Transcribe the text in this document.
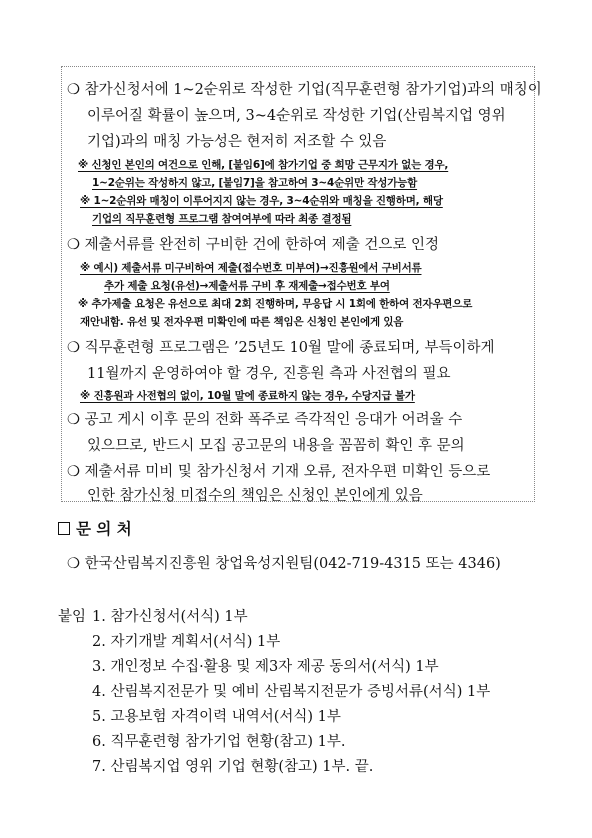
❍ 참가신청서에 1~2순위로 작성한 기업(직무훈련형 참가기업)과의 매칭이
이루어질 확률이 높으며, 3~4순위로 작성한 기업(산림복지업 영위
기업)과의 매칭 가능성은 현저히 저조할 수 있음
※ 신청인 본인의 여건으로 인해, [붙임6]에 참가기업 중 희망 근무지가 없는 경우,
1~2순위는 작성하지 않고, [붙임7]을 참고하여 3~4순위만 작성가능함
※ 1~2순위와 매칭이 이루어지지 않는 경우, 3~4순위와 매칭을 진행하며, 해당
기업의 직무훈련형 프로그램 참여여부에 따라 최종 결정됨
❍ 제출서류를 완전히 구비한 건에 한하여 제출 건으로 인정
※ 예시) 제출서류 미구비하여 제출(접수번호 미부여)→진흥원에서 구비서류
추가 제출 요청(유선)→제출서류 구비 후 재제출→접수번호 부여
※ 추가제출 요청은 유선으로 최대 2회 진행하며, 무응답 시 1회에 한하여 전자우편으로
재안내함. 유선 및 전자우편 미확인에 따른 책임은 신청인 본인에게 있음
❍ 직무훈련형 프로그램은 ’25년도 10월 말에 종료되며, 부득이하게
11월까지 운영하여야 할 경우, 진흥원 측과 사전협의 필요
※ 진흥원과 사전협의 없이, 10월 말에 종료하지 않는 경우, 수당지급 불가
❍ 공고 게시 이후 문의 전화 폭주로 즉각적인 응대가 어려울 수
있으므로, 반드시 모집 공고문의 내용을 꼼꼼히 확인 후 문의
❍ 제출서류 미비 및 참가신청서 기재 오류, 전자우편 미확인 등으로
인한 참가신청 미접수의 책임은 신청인 본인에게 있음
문 의 처
❍ 한국산림복지진흥원 창업육성지원팀(042-719-4315 또는 4346)
붙임 1. 참가신청서(서식) 1부
2. 자기개발 계획서(서식) 1부
3. 개인정보 수집·활용 및 제3자 제공 동의서(서식) 1부
4. 산림복지전문가 및 예비 산림복지전문가 증빙서류(서식) 1부
5. 고용보험 자격이력 내역서(서식) 1부
6. 직무훈련형 참가기업 현황(참고) 1부.
7. 산림복지업 영위 기업 현황(참고) 1부. 끝.
